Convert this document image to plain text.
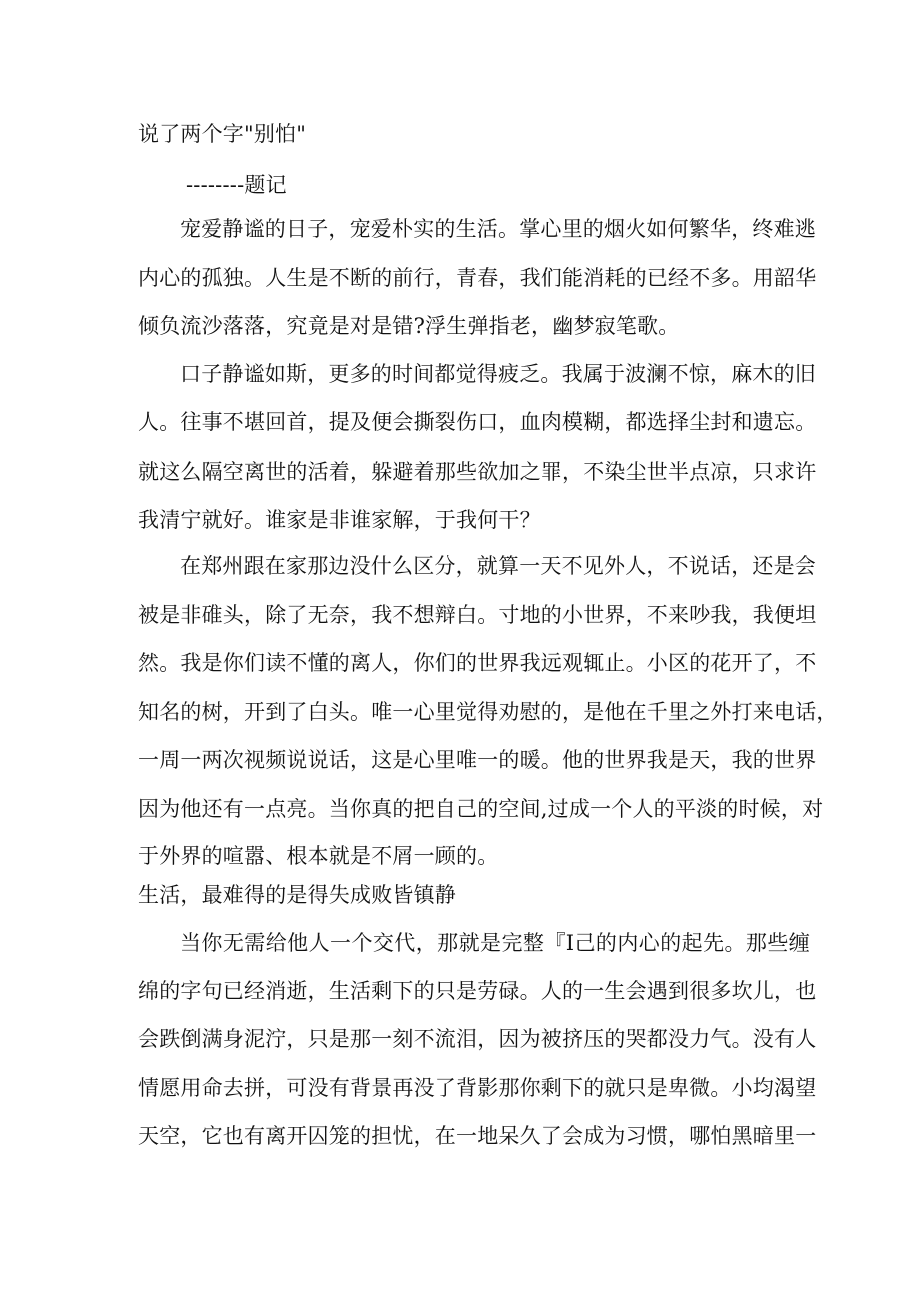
说了两个字"别怕"
--------题记
宠爱静谧的日子，宠爱朴实的生活。掌心里的烟火如何繁华，终难逃
内心的孤独。人生是不断的前行，青春，我们能消耗的已经不多。用韶华
倾负流沙落落，究竟是对是错?浮生弹指老，幽梦寂笔歌。
口子静谧如斯，更多的时间都觉得疲乏。我属于波澜不惊，麻木的旧
人。往事不堪回首，提及便会撕裂伤口，血肉模糊，都选择尘封和遗忘。
就这么隔空离世的活着，躲避着那些欲加之罪，不染尘世半点凉，只求许
我清宁就好。谁家是非谁家解，于我何干？
在郑州跟在家那边没什么区分，就算一天不见外人，不说话，还是会
被是非碓头，除了无奈，我不想辩白。寸地的小世界，不来吵我，我便坦
然。我是你们读不懂的离人，你们的世界我远观辄止。小区的花开了，不
知名的树，开到了白头。唯一心里觉得劝慰的，是他在千里之外打来电话，
一周一两次视频说说话，这是心里唯一的暖。他的世界我是天，我的世界
因为他还有一点亮。当你真的把自己的空间,过成一个人的平淡的时候，对
于外界的喧嚣、根本就是不屑一顾的。
生活，最难得的是得失成败皆镇静
当你无需给他人一个交代，那就是完整『I己的内心的起先。那些缠
绵的字句已经消逝，生活剩下的只是劳碌。人的一生会遇到很多坎儿，也
会跌倒满身泥泞，只是那一刻不流泪，因为被挤压的哭都没力气。没有人
情愿用命去拼，可没有背景再没了背影那你剩下的就只是卑微。小均渴望
天空，它也有离开囚笼的担忧，在一地呆久了会成为习惯，哪怕黑暗里一
